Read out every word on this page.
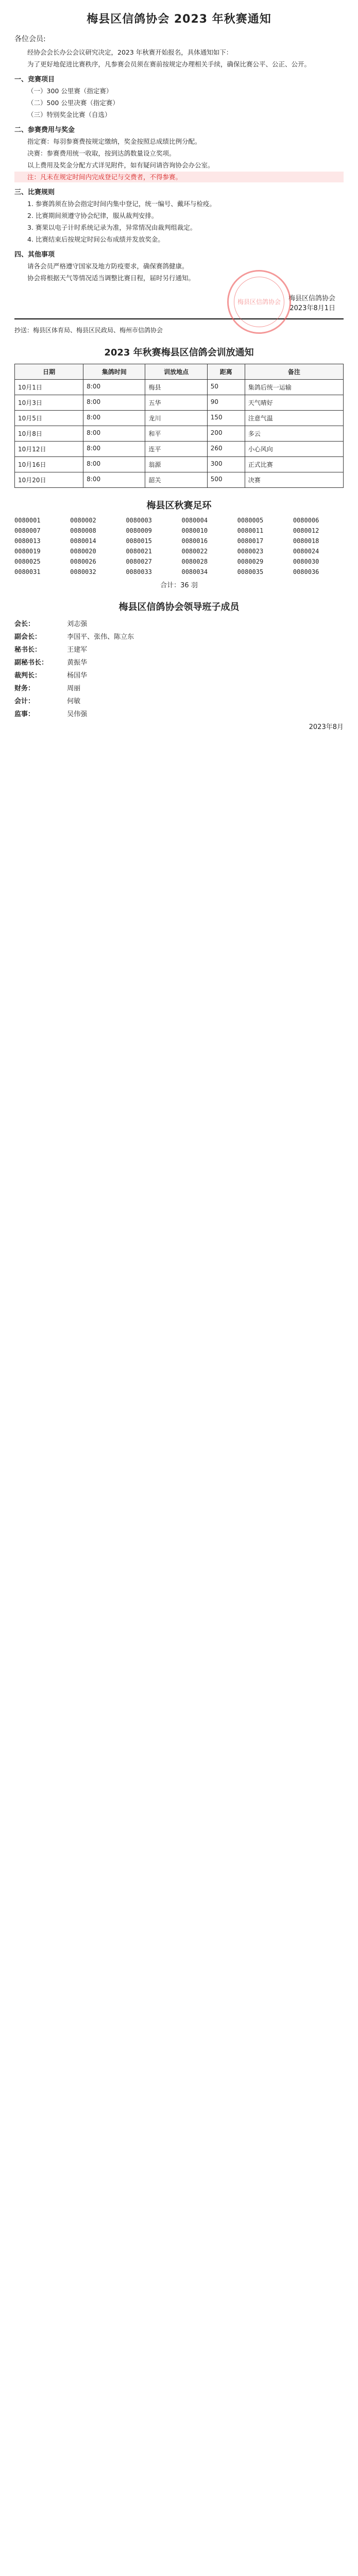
梅县区信鸽协会 2023 年秋赛通知
各位会员:

经协会会长办公会议研究决定，2023 年秋赛开始报名，具体通知如下：

为了更好地促进比赛秩序，凡参赛会员须在赛前按规定办理相关手续，确保比赛公平、公正、公开。

一、竞赛项目

（一）300 公里赛（指定赛）

（二）500 公里决赛（指定赛）

（三）特别奖金比赛（自选）

二、参赛费用与奖金

指定赛：每羽参赛费按规定缴纳，奖金按照总成绩比例分配。

决赛：参赛费用统一收取，按到达鸽数量设立奖项。

以上费用及奖金分配方式详见附件，如有疑问请咨询协会办公室。

注：凡未在规定时间内完成登记与交费者，不得参赛。

三、比赛规则

1. 参赛鸽须在协会指定时间内集中登记，统一编号、戴环与检疫。

2. 比赛期间须遵守协会纪律，服从裁判安排。

3. 赛果以电子计时系统记录为准，异常情况由裁判组裁定。

4. 比赛结束后按规定时间公布成绩并发放奖金。

四、其他事项

请各会员严格遵守国家及地方防疫要求，确保赛鸽健康。

协会将根据天气等情况适当调整比赛日程，届时另行通知。

梅县区信鸽协会	梅县区信鸽协会
2023年8月1日
抄送：梅县区体育局、梅县区民政局、梅州市信鸽协会
2023 年秋赛梅县区信鸽会训放通知
日期	集鸽时间	训放地点	距离	备注
10月1日	8:00	梅县	50	集鸽后统一运输
10月3日	8:00	五华	90	天气晴好
10月5日	8:00	龙川	150	注意气温
10月8日	8:00	和平	200	多云
10月12日	8:00	连平	260	小心风向
10月16日	8:00	翁源	300	正式比赛
10月20日	8:00	韶关	500	决赛
梅县区秋赛足环
0080001	0080002	0080003	0080004	0080005	0080006
0080007	0080008	0080009	0080010	0080011	0080012
0080013	0080014	0080015	0080016	0080017	0080018
0080019	0080020	0080021	0080022	0080023	0080024
0080025	0080026	0080027	0080028	0080029	0080030
0080031	0080032	0080033	0080034	0080035	0080036
合计：36 羽
梅县区信鸽协会领导班子成员
会长：	刘志强
副会长：	李国平、张伟、陈立东
秘书长：	王建军
副秘书长：	黄振华
裁判长：	杨国华
财务：	周丽
会计：	何敏
监事：	吴伟强
2023年8月
